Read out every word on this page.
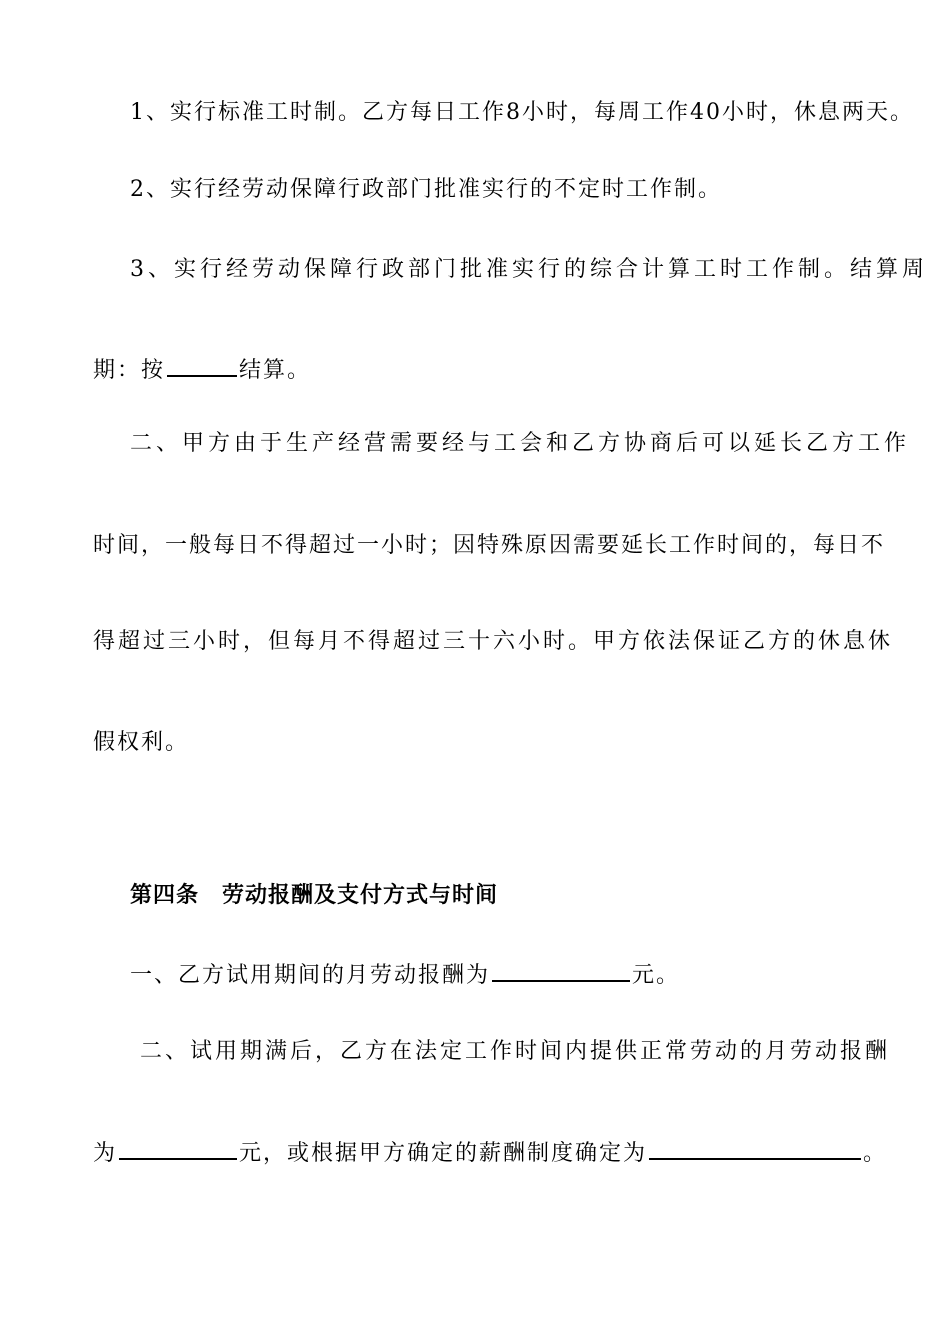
1、实行标准工时制。乙方每日工作8小时，每周工作40小时，休息两天。
2、实行经劳动保障行政部门批准实行的不定时工作制。
3、实行经劳动保障行政部门批准实行的综合计算工时工作制。结算周
期：按	结算。
二、甲方由于生产经营需要经与工会和乙方协商后可以延长乙方工作
时间，一般每日不得超过一小时；因特殊原因需要延长工作时间的，每日不
得超过三小时，但每月不得超过三十六小时。甲方依法保证乙方的休息休
假权利。
第四条　劳动报酬及支付方式与时间
一、乙方试用期间的月劳动报酬为	元。
二、试用期满后，乙方在法定工作时间内提供正常劳动的月劳动报酬
为	元，或根据甲方确定的薪酬制度确定为	。
